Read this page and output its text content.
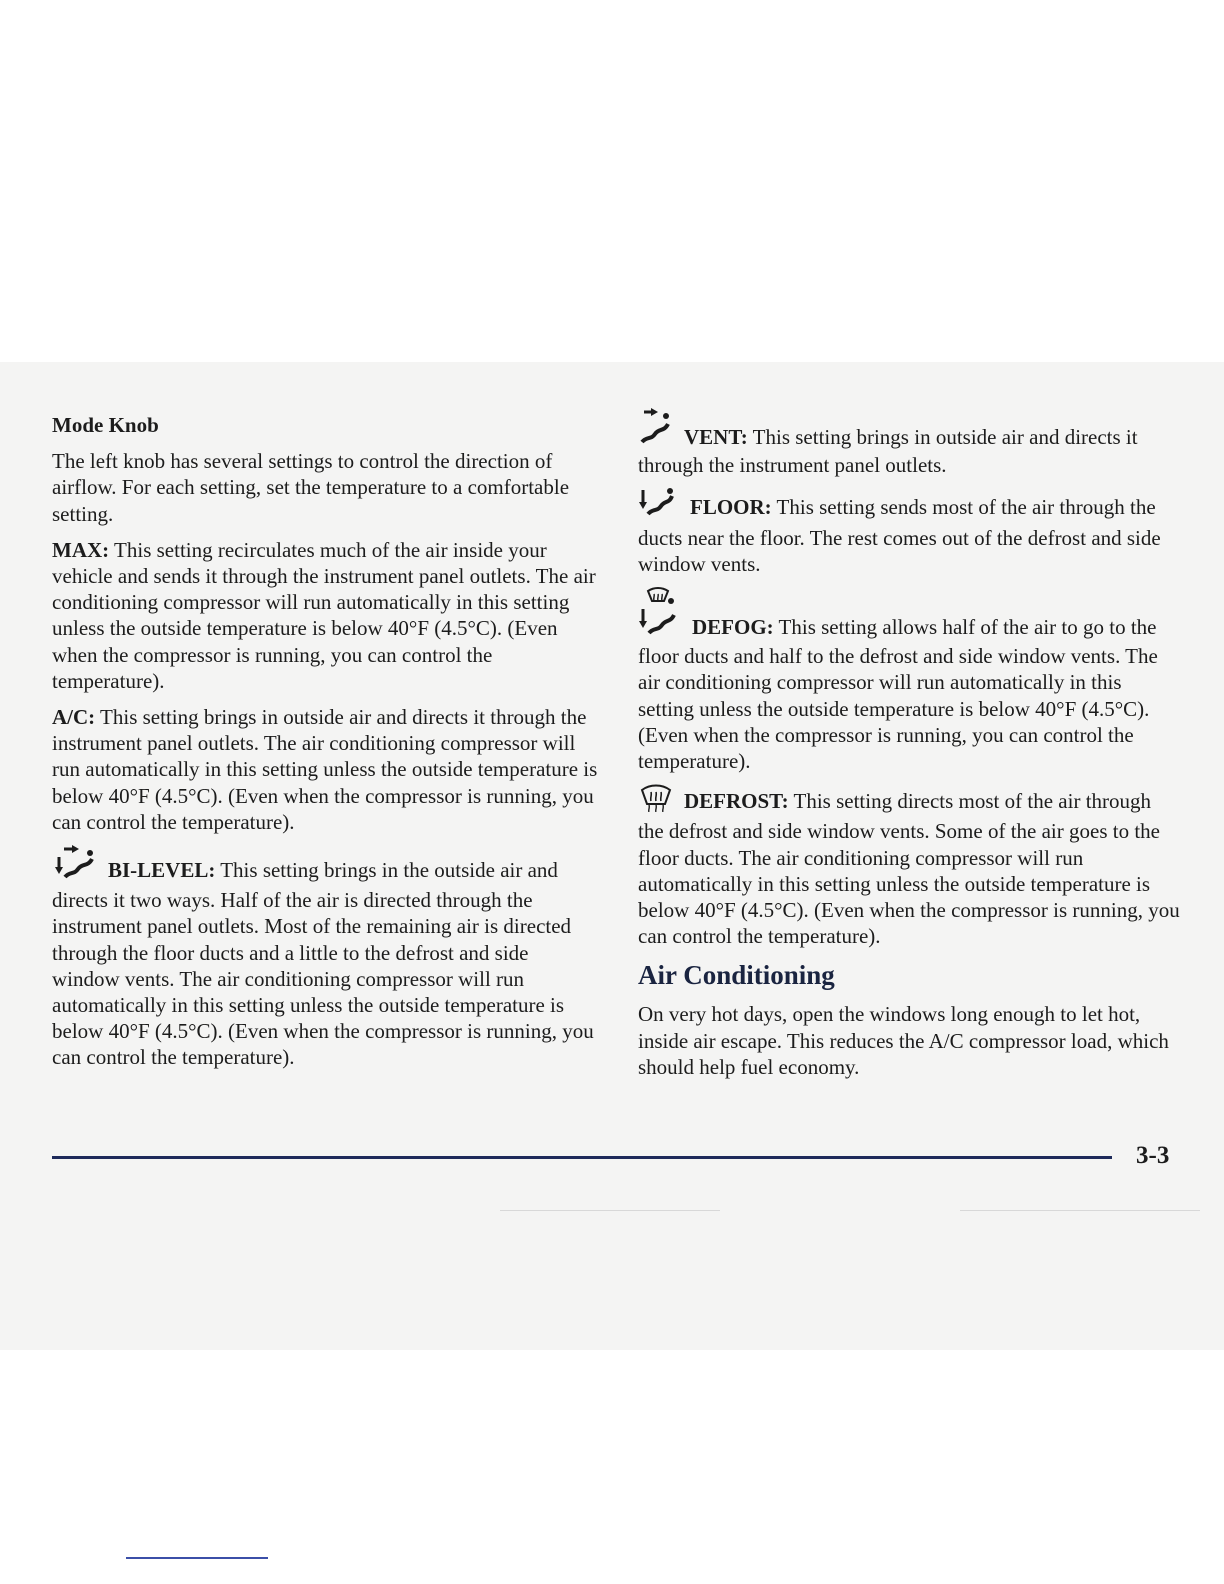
Mode Knob

The left knob has several settings to control the direction of airflow. For each setting, set the temperature to a comfortable setting.

MAX: This setting recirculates much of the air inside your vehicle and sends it through the instrument panel outlets. The air conditioning compressor will run automatically in this setting unless the outside temperature is below 40°F (4.5°C). (Even when the compressor is running, you can control the temperature).

A/C: This setting brings in outside air and directs it through the instrument panel outlets. The air conditioning compressor will run automatically in this setting unless the outside temperature is below 40°F (4.5°C). (Even when the compressor is running, you can control the temperature).

BI-LEVEL: This setting brings in the outside air and directs it two ways. Half of the air is directed through the instrument panel outlets. Most of the remaining air is directed through the floor ducts and a little to the defrost and side window vents. The air conditioning compressor will run automatically in this setting unless the outside temperature is below 40°F (4.5°C). (Even when the compressor is running, you can control the temperature).

VENT: This setting brings in outside air and directs it through the instrument panel outlets.

FLOOR: This setting sends most of the air through the ducts near the floor. The rest comes out of the defrost and side window vents.

DEFOG: This setting allows half of the air to go to the floor ducts and half to the defrost and side window vents. The air conditioning compressor will run automatically in this setting unless the outside temperature is below 40°F (4.5°C). (Even when the compressor is running, you can control the temperature).

DEFROST: This setting directs most of the air through the defrost and side window vents. Some of the air goes to the floor ducts. The air conditioning compressor will run automatically in this setting unless the outside temperature is below 40°F (4.5°C). (Even when the compressor is running, you can control the temperature).

Air Conditioning

On very hot days, open the windows long enough to let hot, inside air escape. This reduces the A/C compressor load, which should help fuel economy.

3-3
